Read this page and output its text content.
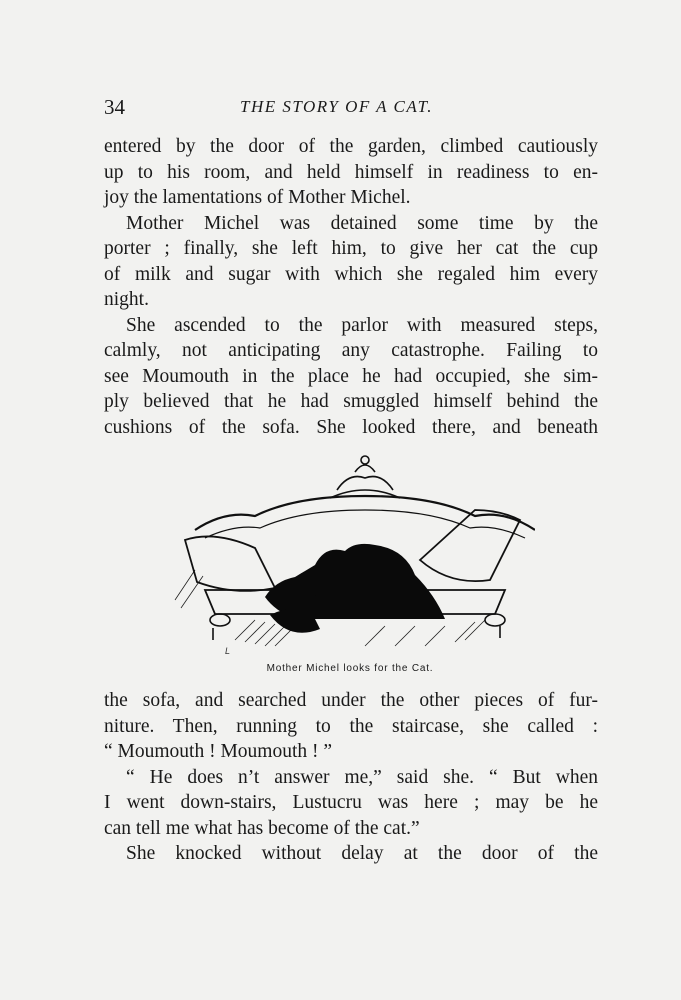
34	THE STORY OF A CAT.
entered by the door of the garden, climbed cautiously
up to his room, and held himself in readiness to en-
joy the lamentations of Mother Michel.
Mother Michel was detained some time by the
porter ; finally, she left him, to give her cat the cup
of milk and sugar with which she regaled him every
night.
She ascended to the parlor with measured steps,
calmly, not anticipating any catastrophe. Failing to
see Moumouth in the place he had occupied, she sim-
ply believed that he had smuggled himself behind the
cushions of the sofa. She looked there, and beneath
L
Mother Michel looks for the Cat.
the sofa, and searched under the other pieces of fur-
niture. Then, running to the staircase, she called :
“ Moumouth ! Moumouth ! ”
“ He does n’t answer me,” said she. “ But when
I went down-stairs, Lustucru was here ; may be he
can tell me what has become of the cat.”
She knocked without delay at the door of the
